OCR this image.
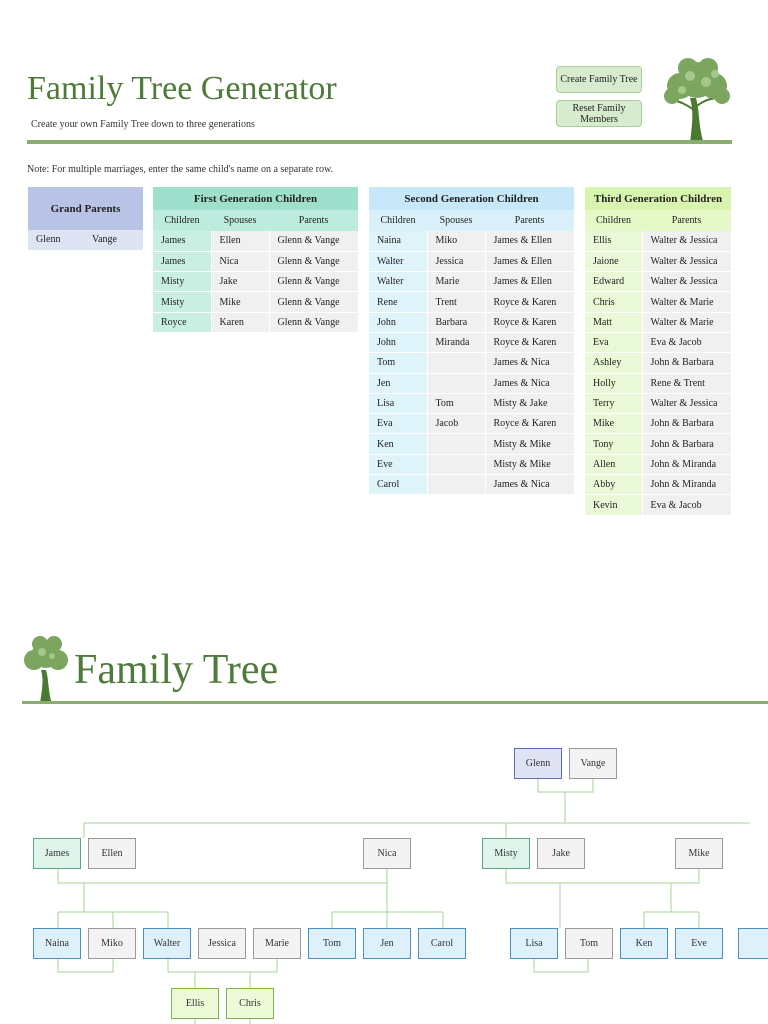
Family Tree Generator
Create your own Family Tree down to three generations
Create Family Tree
Reset Family Members
Note: For multiple marriages, enter the same child's name on a separate row.
Grand Parents
Glenn	Vange
First Generation Children		
Children	Spouses	Parents
James	Ellen	Glenn & Vange
James	Nica	Glenn & Vange
Misty	Jake	Glenn & Vange
Misty	Mike	Glenn & Vange
Royce	Karen	Glenn & Vange
Second Generation Children		
Children	Spouses	Parents
Naina	Miko	James & Ellen
Walter	Jessica	James & Ellen
Walter	Marie	James & Ellen
Rene	Trent	Royce & Karen
John	Barbara	Royce & Karen
John	Miranda	Royce & Karen
Tom		James & Nica
Jen		James & Nica
Lisa	Tom	Misty & Jake
Eva	Jacob	Royce & Karen
Ken		Misty & Mike
Eve		Misty & Mike
Carol		James & Nica
Third Generation Children	
Children	Parents
Ellis	Walter & Jessica
Jaione	Walter & Jessica
Edward	Walter & Jessica
Chris	Walter & Marie
Matt	Walter & Marie
Eva	Eva & Jacob
Ashley	John & Barbara
Holly	Rene & Trent
Terry	Walter & Jessica
Mike	John & Barbara
Tony	John & Barbara
Allen	John & Miranda
Abby	John & Miranda
Kevin	Eva & Jacob
Family Tree
Glenn	Vange
James	Ellen	Nica	Misty	Jake	Mike
Naina	Miko	Walter	Jessica	Marie	Tom	Jen	Carol	Lisa	Tom	Ken	Eve
Ellis	Chris
